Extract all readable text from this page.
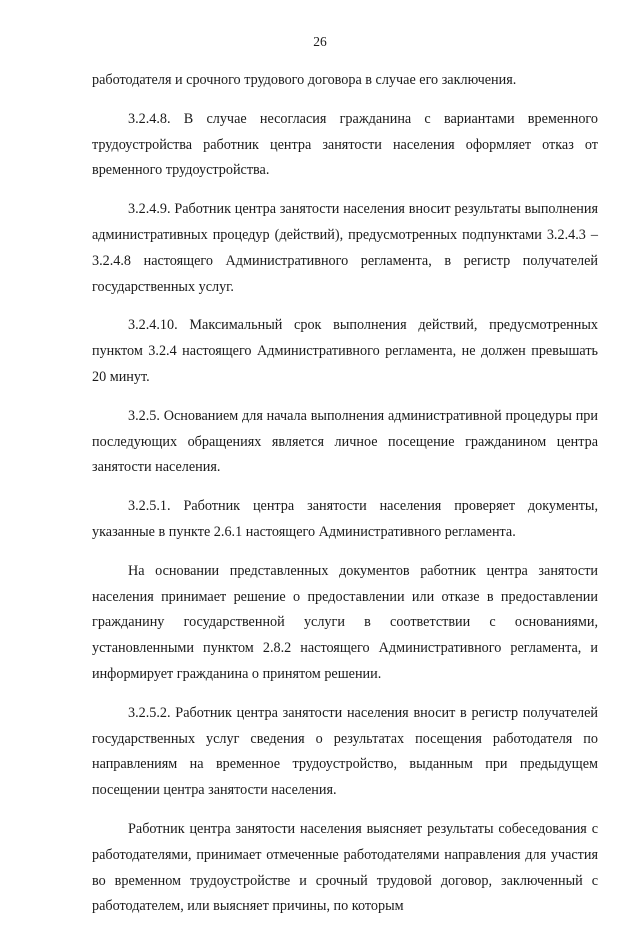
26

работодателя и срочного трудового договора в случае его заключения.

3.2.4.8. В случае несогласия гражданина с вариантами временного трудоустройства работник центра занятости населения оформляет отказ от временного трудоустройства.

3.2.4.9. Работник центра занятости населения вносит результаты выполнения административных процедур (действий), предусмотренных подпунктами 3.2.4.3 – 3.2.4.8 настоящего Административного регламента, в регистр получателей государственных услуг.

3.2.4.10. Максимальный срок выполнения действий, предусмотренных пунктом 3.2.4 настоящего Административного регламента, не должен превышать 20 минут.

3.2.5. Основанием для начала выполнения административной процедуры при последующих обращениях является личное посещение гражданином центра занятости населения.

3.2.5.1. Работник центра занятости населения проверяет документы, указанные в пункте 2.6.1 настоящего Административного регламента.

На основании представленных документов работник центра занятости населения принимает решение о предоставлении или отказе в предоставлении гражданину государственной услуги в соответствии с основаниями, установленными пунктом 2.8.2 настоящего Административного регламента, и информирует гражданина о принятом решении.

3.2.5.2. Работник центра занятости населения вносит в регистр получателей государственных услуг сведения о результатах посещения работодателя по направлениям на временное трудоустройство, выданным при предыдущем посещении центра занятости населения.

Работник центра занятости населения выясняет результаты собеседования с работодателями, принимает отмеченные работодателями направления для участия во временном трудоустройстве и срочный трудовой договор, заключенный с работодателем, или выясняет причины, по которым
